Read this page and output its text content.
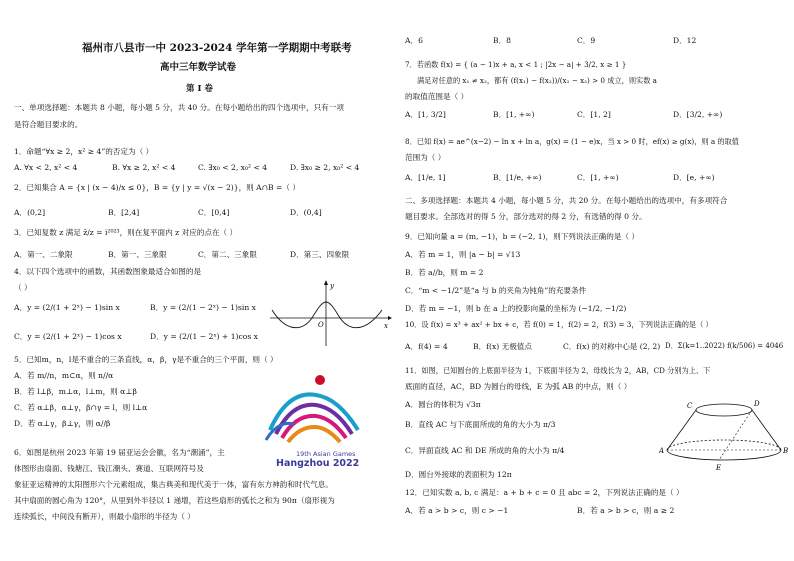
福州市八县市一中 2023-2024 学年第一学期期中考联考
高中三年数学试卷
第 I 卷
一、单项选择题：本题共 8 小题，每小题 5 分，共 40 分。在每小题给出的四个选项中，只有一项
是符合题目要求的。
1．命题“∀x ≥ 2，x² ≥ 4”的否定为（ ）
A. ∀x < 2, x² < 4	B. ∀x ≥ 2, x² < 4	C. ∃x₀ < 2, x₀² < 4	D. ∃x₀ ≥ 2, x₀² < 4
2．已知集合 A = {x | (x − 4)/x ≤ 0}，B = {y | y = √(x − 2)}，则 A∩B =（ ）
A．(0,2]	B．[2,4]	C．[0,4]	D．(0,4]
3．已知复数 z 满足 z̄/z = i²⁰²³，则在复平面内 z 对应的点在（ ）
A．第一、二象限	B．第一、三象限	C．第二、三象限	D．第三、四象限
4．以下四个选项中的函数，其函数图象最适合如图的是
（ ）
A．y = (2/(1 + 2ˣ) − 1)sin x	B．y = (2/(1 − 2ˣ) − 1)sin x
C．y = (2/(1 + 2ˣ) − 1)cos x	D．y = (2/(1 − 2ˣ) + 1)cos x
x
y
O
5．已知m，n，l是不重合的三条直线，α，β，γ是不重合的三个平面，则（ ）
A．若 m//n，m⊂α，则 n//α
B．若 l⊥β，m⊥α，l⊥m，则 α⊥β
C．若 α⊥β，α⊥γ，β∩γ = l，则 l⊥α
D．若 α⊥γ，β⊥γ，则 α//β
19th Asian Games
Hangzhou 2022
6．如图是杭州 2023 年第 19 届亚运会会徽，名为“潮涌”，主
体图形由扇面、钱塘江、钱江潮头、赛道、互联网符号及
象征亚运精神的太阳图形六个元素组成，集古典美和现代美于一体，富有东方神韵和时代气息。
其中扇面的圆心角为 120°，从里到外半径以 1 递增，若这些扇形的弧长之和为 90π（扇形视为
连续弧长，中间没有断开），则最小扇形的半径为（ ）
A．6	B．8	C．9	D．12
7．若函数 f(x) = { (a − 1)x + a, x < 1 ; |2x − a| + 3/2, x ≥ 1 }
满足对任意的 x₁ ≠ x₂，都有 (f(x₁) − f(x₂))/(x₁ − x₂) > 0 成立，则实数 a
的取值范围是（ ）
A．[1, 3/2]	B．[1, +∞)	C．[1, 2]	D．[3/2, +∞)
8．已知 f(x) = ae^(x−2) − ln x + ln a，g(x) = (1 − e)x，当 x > 0 时，ef(x) ≥ g(x)，则 a 的取值
范围为（ ）
A．[1/e, 1]	B．[1/e, +∞)	C．[1, +∞)	D．[e, +∞)
二、多项选择题：本题共 4 小题，每小题 5 分，共 20 分。在每小题给出的选项中，有多项符合
题目要求。全部选对的得 5 分，部分选对的得 2 分，有选错的得 0 分。
9．已知向量 a = (m, −1)，b = (−2, 1)，则下列说法正确的是（ ）
A．若 m = 1，则 |a − b| = √13
B．若 a//b，则 m = 2
C．“m < −1/2”是“a 与 b 的夹角为钝角”的充要条件
D．若 m = −1，则 b 在 a 上的投影向量的坐标为 (−1/2, −1/2)
10．设 f(x) = x³ + ax² + bx + c，若 f(0) = 1，f(2) = 2，f(3) = 3，下列说法正确的是（ ）
A．f(4) = 4	B．f(x) 无极值点	C．f(x) 的对称中心是 (2, 2) D．Σ(k=1..2022) f(k/506) = 4046
11．如图，已知圆台的上底面半径为 1，下底面半径为 2，母线长为 2，AB，CD 分别为上、下
底面的直径，AC，BD 为圆台的母线，E 为弧 AB 的中点，则（ ）
A．圆台的体积为 √3π
B．直线 AC 与下底面所成的角的大小为 π/3
C．异面直线 AC 和 DE 所成的角的大小为 π/4
D．圆台外接球的表面积为 12π
C	D
A	B
E
12．已知实数 a, b, c 满足：a + b + c = 0 且 abc = 2，下列说法正确的是（ ）
A．若 a > b > c，则 c > −1	B．若 a > b > c，则 a ≥ 2
